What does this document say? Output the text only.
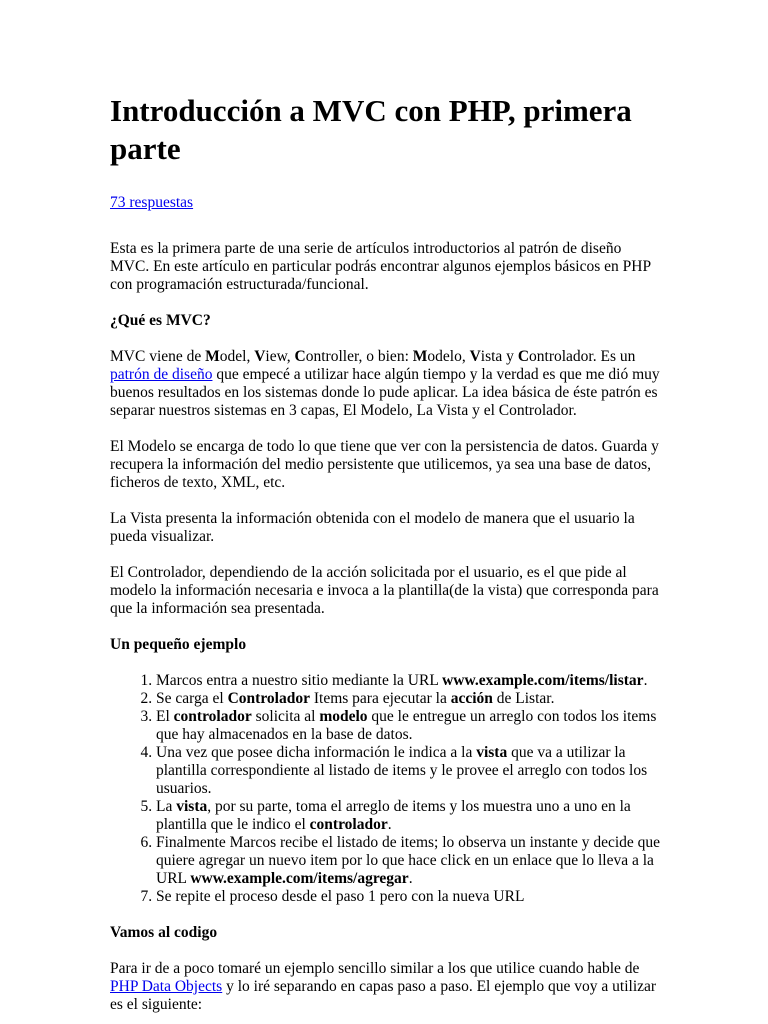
Introducción a MVC con PHP, primera parte
73 respuestas

Esta es la primera parte de una serie de artículos introductorios al patrón de diseño MVC. En este artículo en particular podrás encontrar algunos ejemplos básicos en PHP con programación estructurada/funcional.

¿Qué es MVC?

MVC viene de Model, View, Controller, o bien: Modelo, Vista y Controlador. Es un patrón de diseño que empecé a utilizar hace algún tiempo y la verdad es que me dió muy buenos resultados en los sistemas donde lo pude aplicar. La idea básica de éste patrón es separar nuestros sistemas en 3 capas, El Modelo, La Vista y el Controlador.

El Modelo se encarga de todo lo que tiene que ver con la persistencia de datos. Guarda y recupera la información del medio persistente que utilicemos, ya sea una base de datos, ficheros de texto, XML, etc.

La Vista presenta la información obtenida con el modelo de manera que el usuario la pueda visualizar.

El Controlador, dependiendo de la acción solicitada por el usuario, es el que pide al modelo la información necesaria e invoca a la plantilla(de la vista) que corresponda para que la información sea presentada.

Un pequeño ejemplo

1. Marcos entra a nuestro sitio mediante la URL www.example.com/items/listar.
2. Se carga el Controlador Items para ejecutar la acción de Listar.
3. El controlador solicita al modelo que le entregue un arreglo con todos los items que hay almacenados en la base de datos.
4. Una vez que posee dicha información le indica a la vista que va a utilizar la plantilla correspondiente al listado de items y le provee el arreglo con todos los usuarios.
5. La vista, por su parte, toma el arreglo de items y los muestra uno a uno en la plantilla que le indico el controlador.
6. Finalmente Marcos recibe el listado de items; lo observa un instante y decide que quiere agregar un nuevo item por lo que hace click en un enlace que lo lleva a la URL www.example.com/items/agregar.
7. Se repite el proceso desde el paso 1 pero con la nueva URL

Vamos al codigo

Para ir de a poco tomaré un ejemplo sencillo similar a los que utilice cuando hable de PHP Data Objects y lo iré separando en capas paso a paso. El ejemplo que voy a utilizar es el siguiente:
